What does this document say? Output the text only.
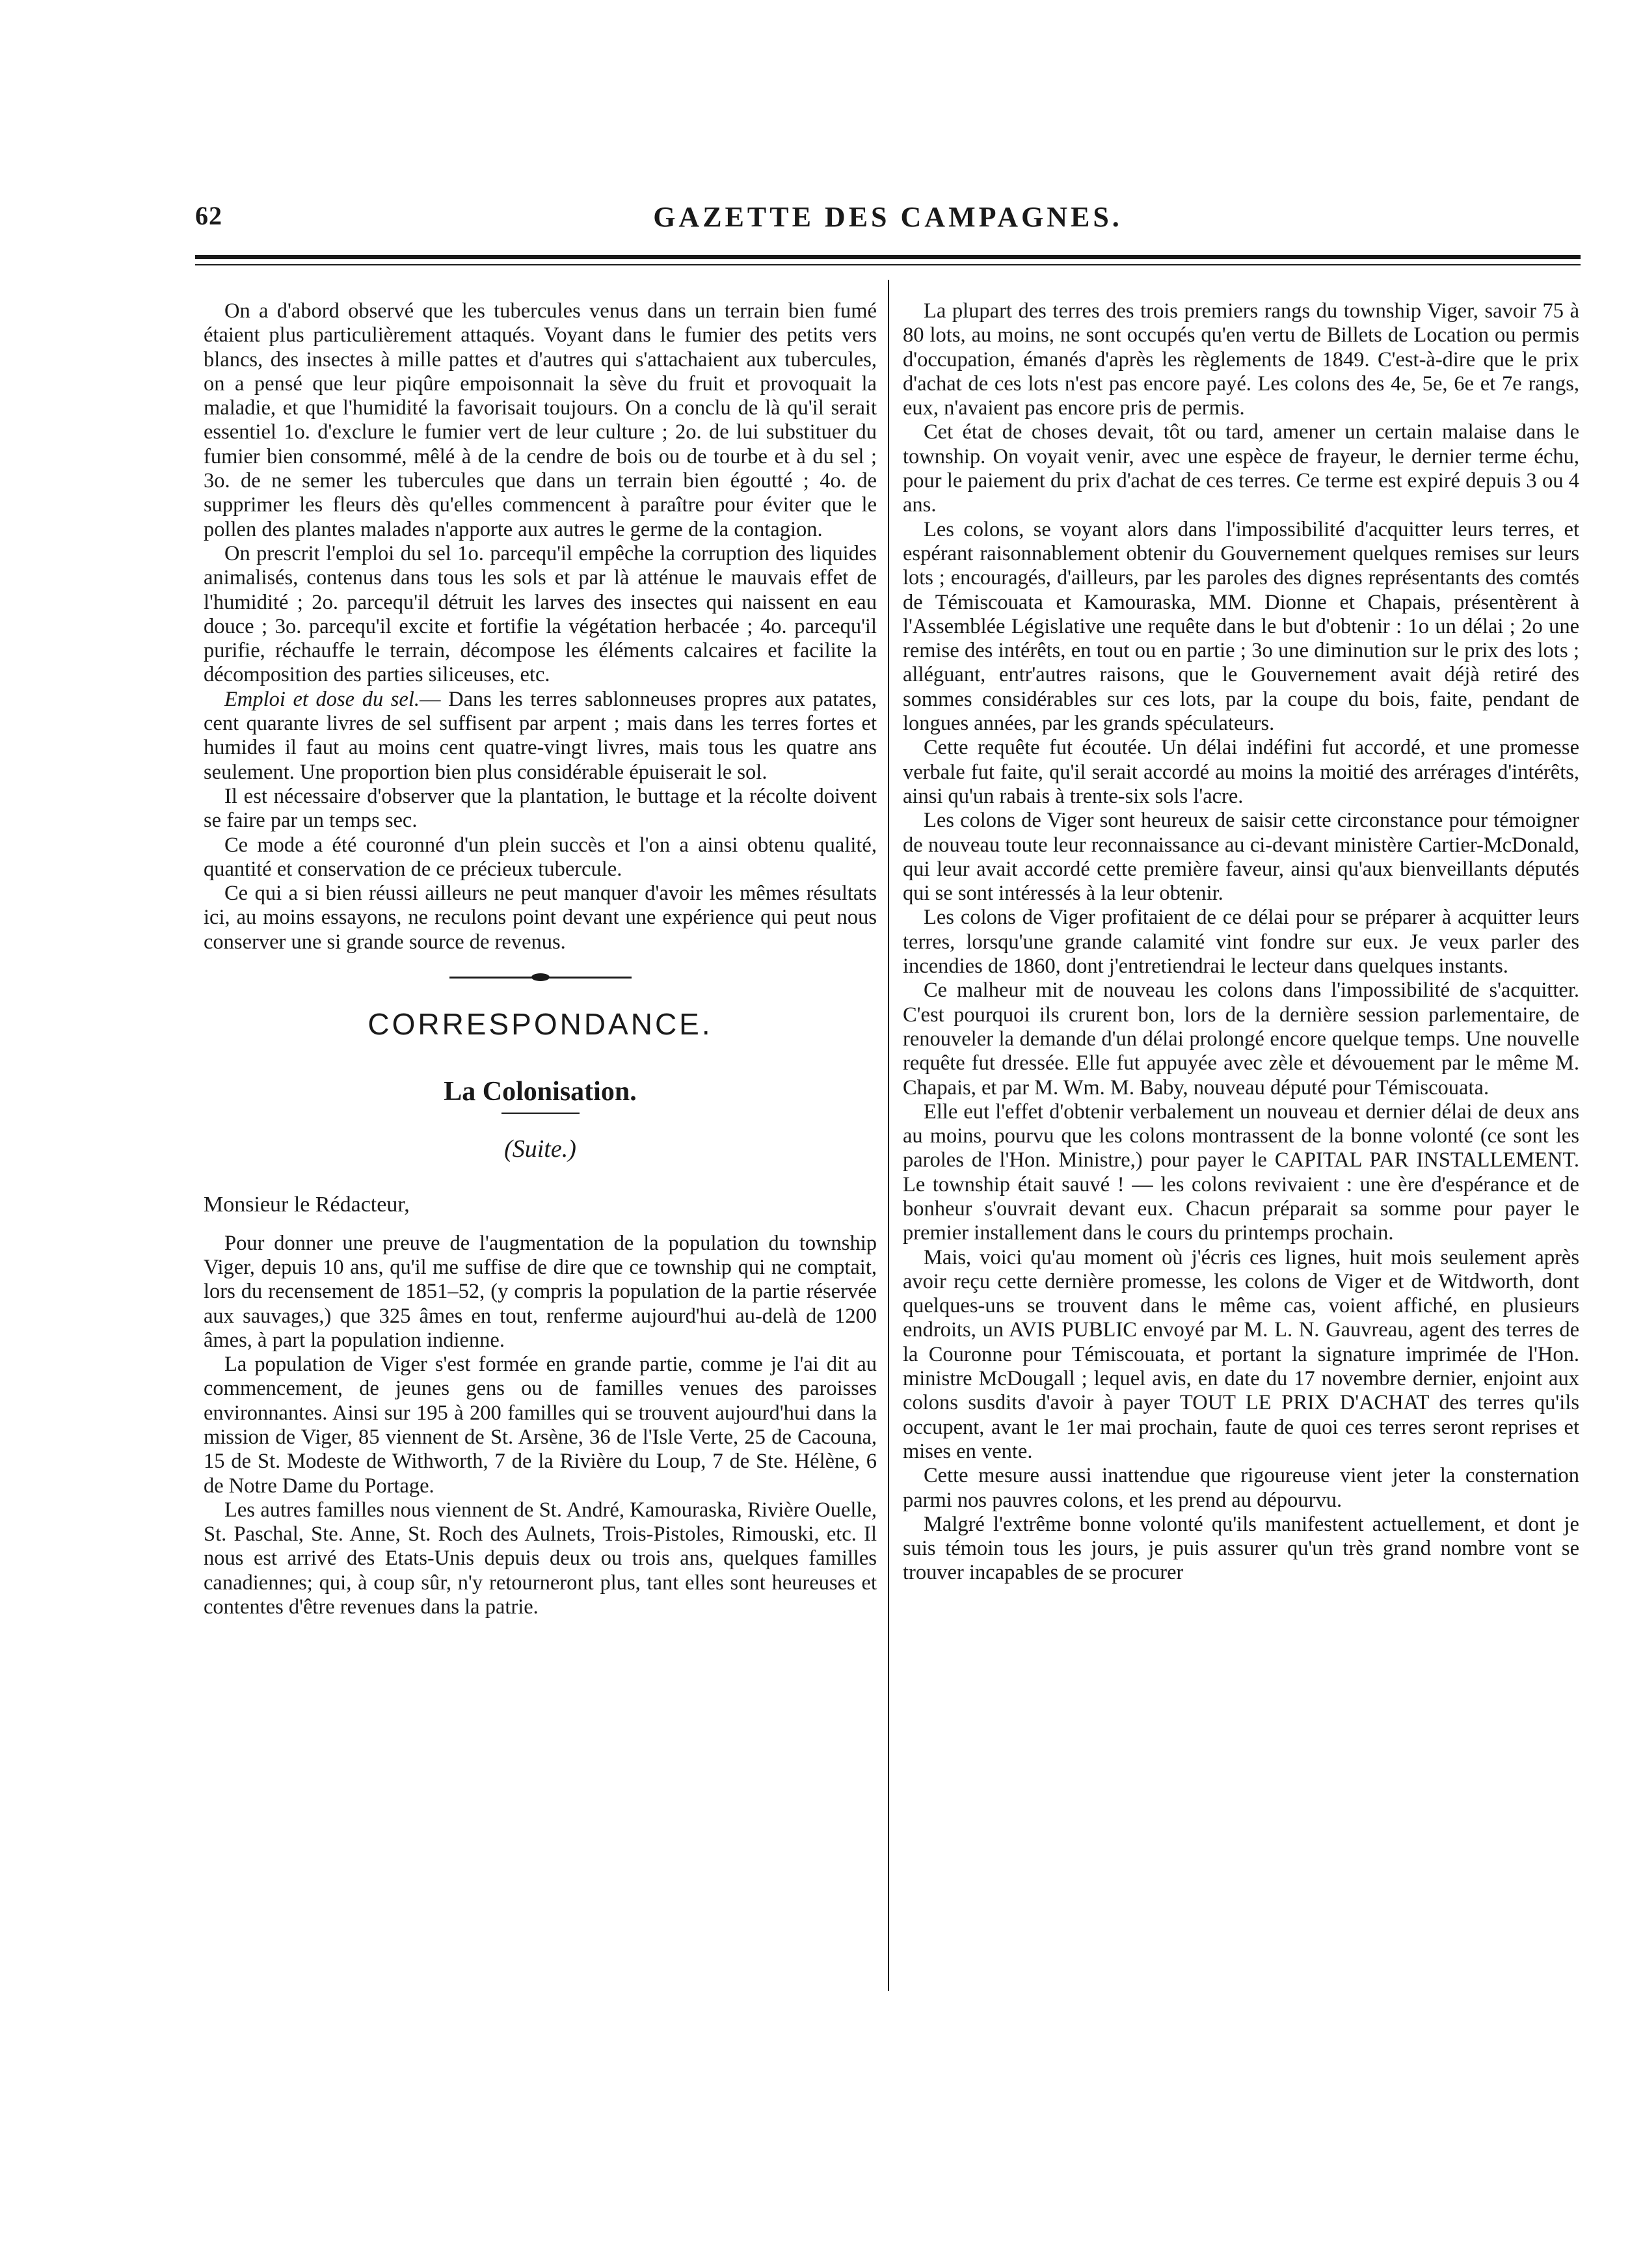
62	GAZETTE DES CAMPAGNES.

On a d'abord observé que les tubercules venus dans un terrain bien fumé étaient plus particulièrement attaqués. Voyant dans le fumier des petits vers blancs, des insectes à mille pattes et d'autres qui s'attachaient aux tubercules, on a pensé que leur piqûre empoisonnait la sève du fruit et provoquait la maladie, et que l'humidité la favorisait toujours. On a conclu de là qu'il serait essentiel 1o. d'exclure le fumier vert de leur culture ; 2o. de lui substituer du fumier bien consommé, mêlé à de la cendre de bois ou de tourbe et à du sel ; 3o. de ne semer les tubercules que dans un terrain bien égoutté ; 4o. de supprimer les fleurs dès qu'elles commencent à paraître pour éviter que le pollen des plantes malades n'apporte aux autres le germe de la contagion.

On prescrit l'emploi du sel 1o. parcequ'il empêche la corruption des liquides animalisés, contenus dans tous les sols et par là atténue le mauvais effet de l'humidité ; 2o. parcequ'il détruit les larves des insectes qui naissent en eau douce ; 3o. parcequ'il excite et fortifie la végétation herbacée ; 4o. parcequ'il purifie, réchauffe le terrain, décompose les éléments calcaires et facilite la décomposition des parties siliceuses, etc.

Emploi et dose du sel.— Dans les terres sablonneuses propres aux patates, cent quarante livres de sel suffisent par arpent ; mais dans les terres fortes et humides il faut au moins cent quatre-vingt livres, mais tous les quatre ans seulement. Une proportion bien plus considérable épuiserait le sol.

Il est nécessaire d'observer que la plantation, le buttage et la récolte doivent se faire par un temps sec.

Ce mode a été couronné d'un plein succès et l'on a ainsi obtenu qualité, quantité et conservation de ce précieux tubercule.

Ce qui a si bien réussi ailleurs ne peut manquer d'avoir les mêmes résultats ici, au moins essayons, ne reculons point devant une expérience qui peut nous conserver une si grande source de revenus.

CORRESPONDANCE.
La Colonisation.
(Suite.)

Monsieur le Rédacteur,

Pour donner une preuve de l'augmentation de la population du township Viger, depuis 10 ans, qu'il me suffise de dire que ce township qui ne comptait, lors du recensement de 1851–52, (y compris la population de la partie réservée aux sauvages,) que 325 âmes en tout, renferme aujourd'hui au-delà de 1200 âmes, à part la population indienne.

La population de Viger s'est formée en grande partie, comme je l'ai dit au commencement, de jeunes gens ou de familles venues des paroisses environnantes. Ainsi sur 195 à 200 familles qui se trouvent aujourd'hui dans la mission de Viger, 85 viennent de St. Arsène, 36 de l'Isle Verte, 25 de Cacouna, 15 de St. Modeste de Withworth, 7 de la Rivière du Loup, 7 de Ste. Hélène, 6 de Notre Dame du Portage.

Les autres familles nous viennent de St. André, Kamouraska, Rivière Ouelle, St. Paschal, Ste. Anne, St. Roch des Aulnets, Trois-Pistoles, Rimouski, etc. Il nous est arrivé des Etats-Unis depuis deux ou trois ans, quelques familles canadiennes; qui, à coup sûr, n'y retourneront plus, tant elles sont heureuses et contentes d'être revenues dans la patrie.

La plupart des terres des trois premiers rangs du township Viger, savoir 75 à 80 lots, au moins, ne sont occupés qu'en vertu de Billets de Location ou permis d'occupation, émanés d'après les règlements de 1849. C'est-à-dire que le prix d'achat de ces lots n'est pas encore payé. Les colons des 4e, 5e, 6e et 7e rangs, eux, n'avaient pas encore pris de permis.

Cet état de choses devait, tôt ou tard, amener un certain malaise dans le township. On voyait venir, avec une espèce de frayeur, le dernier terme échu, pour le paiement du prix d'achat de ces terres. Ce terme est expiré depuis 3 ou 4 ans.

Les colons, se voyant alors dans l'impossibilité d'acquitter leurs terres, et espérant raisonnablement obtenir du Gouvernement quelques remises sur leurs lots ; encouragés, d'ailleurs, par les paroles des dignes représentants des comtés de Témiscouata et Kamouraska, MM. Dionne et Chapais, présentèrent à l'Assemblée Législative une requête dans le but d'obtenir : 1o un délai ; 2o une remise des intérêts, en tout ou en partie ; 3o une diminution sur le prix des lots ; alléguant, entr'autres raisons, que le Gouvernement avait déjà retiré des sommes considérables sur ces lots, par la coupe du bois, faite, pendant de longues années, par les grands spéculateurs.

Cette requête fut écoutée. Un délai indéfini fut accordé, et une promesse verbale fut faite, qu'il serait accordé au moins la moitié des arrérages d'intérêts, ainsi qu'un rabais à trente-six sols l'acre.

Les colons de Viger sont heureux de saisir cette circonstance pour témoigner de nouveau toute leur reconnaissance au ci-devant ministère Cartier-McDonald, qui leur avait accordé cette première faveur, ainsi qu'aux bienveillants députés qui se sont intéressés à la leur obtenir.

Les colons de Viger profitaient de ce délai pour se préparer à acquitter leurs terres, lorsqu'une grande calamité vint fondre sur eux. Je veux parler des incendies de 1860, dont j'entretiendrai le lecteur dans quelques instants.

Ce malheur mit de nouveau les colons dans l'impossibilité de s'acquitter. C'est pourquoi ils crurent bon, lors de la dernière session parlementaire, de renouveler la demande d'un délai prolongé encore quelque temps. Une nouvelle requête fut dressée. Elle fut appuyée avec zèle et dévouement par le même M. Chapais, et par M. Wm. M. Baby, nouveau député pour Témiscouata.

Elle eut l'effet d'obtenir verbalement un nouveau et dernier délai de deux ans au moins, pourvu que les colons montrassent de la bonne volonté (ce sont les paroles de l'Hon. Ministre,) pour payer le CAPITAL PAR INSTALLEMENT. Le township était sauvé ! — les colons revivaient : une ère d'espérance et de bonheur s'ouvrait devant eux. Chacun préparait sa somme pour payer le premier installement dans le cours du printemps prochain.

Mais, voici qu'au moment où j'écris ces lignes, huit mois seulement après avoir reçu cette dernière promesse, les colons de Viger et de Witdworth, dont quelques-uns se trouvent dans le même cas, voient affiché, en plusieurs endroits, un AVIS PUBLIC envoyé par M. L. N. Gauvreau, agent des terres de la Couronne pour Témiscouata, et portant la signature imprimée de l'Hon. ministre McDougall ; lequel avis, en date du 17 novembre dernier, enjoint aux colons susdits d'avoir à payer TOUT LE PRIX D'ACHAT des terres qu'ils occupent, avant le 1er mai prochain, faute de quoi ces terres seront reprises et mises en vente.

Cette mesure aussi inattendue que rigoureuse vient jeter la consternation parmi nos pauvres colons, et les prend au dépourvu.

Malgré l'extrême bonne volonté qu'ils manifestent actuellement, et dont je suis témoin tous les jours, je puis assurer qu'un très grand nombre vont se trouver incapables de se procurer
